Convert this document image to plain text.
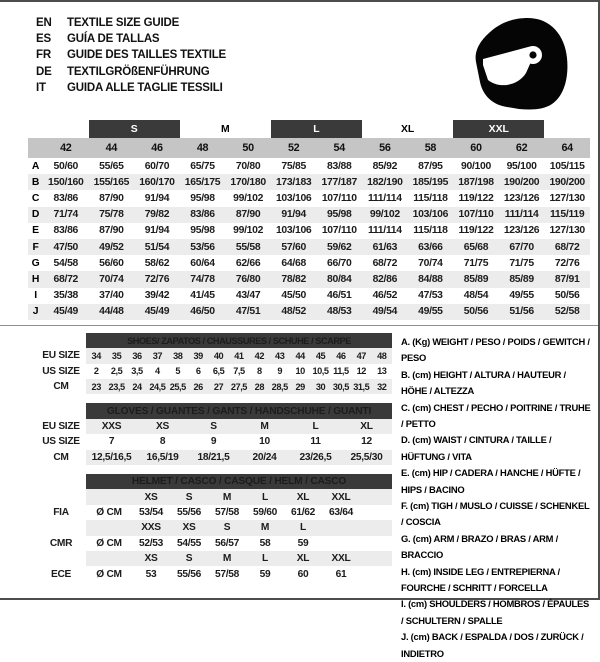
EN	TEXTILE SIZE GUIDE
ES	GUÍA DE TALLAS
FR	GUIDE DES TAILLES TEXTILE
DE	TEXTILGRÖßENFÜHRUNG
IT	GUIDA ALLE TAGLIE TESSILI
		S		M		L		XL		XXL		
	42	44	46	48	50	52	54	56	58	60	62	64
A	50/60	55/65	60/70	65/75	70/80	75/85	83/88	85/92	87/95	90/100	95/100	105/115
B	150/160	155/165	160/170	165/175	170/180	173/183	177/187	182/190	185/195	187/198	190/200	190/200
C	83/86	87/90	91/94	95/98	99/102	103/106	107/110	111/114	115/118	119/122	123/126	127/130
D	71/74	75/78	79/82	83/86	87/90	91/94	95/98	99/102	103/106	107/110	111/114	115/119
E	83/86	87/90	91/94	95/98	99/102	103/106	107/110	111/114	115/118	119/122	123/126	127/130
F	47/50	49/52	51/54	53/56	55/58	57/60	59/62	61/63	63/66	65/68	67/70	68/72
G	54/58	56/60	58/62	60/64	62/66	64/68	66/70	68/72	70/74	71/75	71/75	72/76
H	68/72	70/74	72/76	74/78	76/80	78/82	80/84	82/86	84/88	85/89	85/89	87/91
I	35/38	37/40	39/42	41/45	43/47	45/50	46/51	46/52	47/53	48/54	49/55	50/56
J	45/49	44/48	45/49	46/50	47/51	48/52	48/53	49/54	49/55	50/56	51/56	52/58
	SHOES/ ZAPATOS / CHAUSSURES / SCHUHE / SCARPE														
EU SIZE	34	35	36	37	38	39	40	41	42	43	44	45	46	47	48
US SIZE	2	2,5	3,5	4	5	6	6,5	7,5	8	9	10	10,5	11,5	12	13
CM	23	23,5	24	24,5	25,5	26	27	27,5	28	28,5	29	30	30,5	31,5	32
	GLOVES / GUANTES / GANTS / HANDSCHUHE / GUANTI					
EU SIZE	XXS	XS	S	M	L	XL
US SIZE	7	8	9	10	11	12
CM	12,5/16,5	16,5/19	18/21,5	20/24	23/26,5	25,5/30
	HELMET / CASCO / CASQUE / HELM / CASCO							
		XS	S	M	L	XL	XXL	
FIA	Ø CM	53/54	55/56	57/58	59/60	61/62	63/64	
		XXS	XS	S	M	L		
CMR	Ø CM	52/53	54/55	56/57	58	59		
		XS	S	M	L	XL	XXL	
ECE	Ø CM	53	55/56	57/58	59	60	61	
A. (Kg) WEIGHT / PESO / POIDS / GEWITCH / PESO
B. (cm) HEIGHT / ALTURA / HAUTEUR / HÖHE / ALTEZZA
C. (cm) CHEST / PECHO / POITRINE / TRUHE / PETTO
D. (cm) WAIST / CINTURA / TAILLE / HÜFTUNG / VITA
E. (cm) HIP / CADERA / HANCHE / HÜFTE / HIPS / BACINO
F. (cm) TIGH / MUSLO / CUISSE / SCHENKEL / COSCIA
G. (cm) ARM / BRAZO / BRAS / ARM / BRACCIO
H. (cm) INSIDE LEG / ENTREPIERNA / FOURCHE / SCHRITT / FORCELLA
I. (cm) SHOULDERS / HOMBROS / ÉPAULES / SCHULTERN / SPALLE
J. (cm) BACK / ESPALDA / DOS / ZURÜCK / INDIETRO
